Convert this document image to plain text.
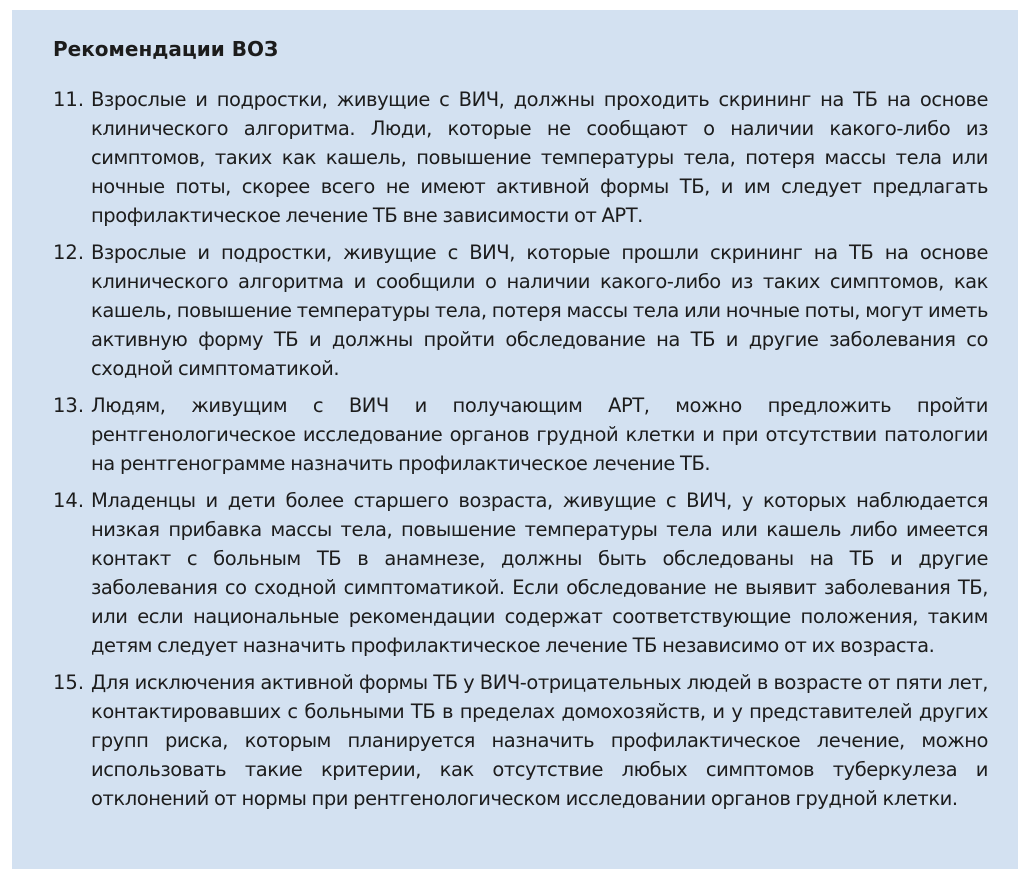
Рекомендации ВОЗ
11. Взрослые и подростки, живущие с ВИЧ, должны проходить скрининг на ТБ на основе клинического алгоритма. Люди, которые не сообщают о наличии какого-либо из симптомов, таких как кашель, повышение температуры тела, потеря массы тела или ночные поты, скорее всего не имеют активной формы ТБ, и им следует предлагать профилактическое лечение ТБ вне зависимости от АРТ.
12. Взрослые и подростки, живущие с ВИЧ, которые прошли скрининг на ТБ на основе клинического алгоритма и сообщили о наличии какого-либо из таких симптомов, как кашель, повышение температуры тела, потеря массы тела или ночные поты, могут иметь активную форму ТБ и должны пройти обследование на ТБ и другие заболевания со сходной симптоматикой.
13. Людям, живущим с ВИЧ и получающим АРТ, можно предложить пройти рентгенологическое исследование органов грудной клетки и при отсутствии патологии на рентгенограмме назначить профилактическое лечение ТБ.
14. Младенцы и дети более старшего возраста, живущие с ВИЧ, у которых наблюдается низкая прибавка массы тела, повышение температуры тела или кашель либо имеется контакт с больным ТБ в анамнезе, должны быть обследованы на ТБ и другие заболевания со сходной симптоматикой. Если обследование не выявит заболевания ТБ, или если национальные рекомендации содержат соответствующие положения, таким детям следует назначить профилактическое лечение ТБ независимо от их возраста.
15. Для исключения активной формы ТБ у ВИЧ-отрицательных людей в возрасте от пяти лет, контактировавших с больными ТБ в пределах домохозяйств, и у представителей других групп риска, которым планируется назначить профилактическое лечение, можно использовать такие критерии, как отсутствие любых симптомов туберкулеза и отклонений от нормы при рентгенологическом исследовании органов грудной клетки.
